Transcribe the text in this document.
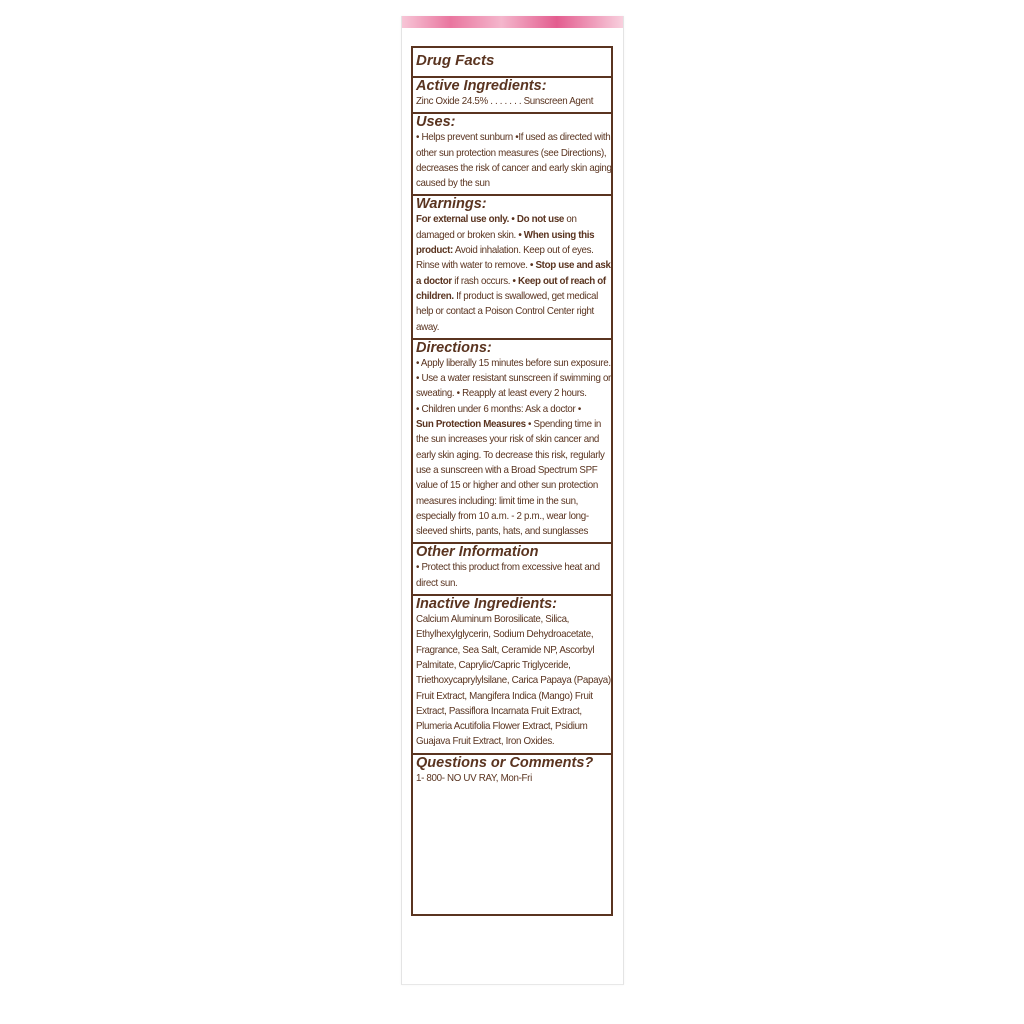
Drug Facts
Active Ingredients:
Zinc Oxide 24.5% . . . . . . . Sunscreen Agent
Uses:
• Helps prevent sunburn •If used as directed with other sun protection measures (see Directions), decreases the risk of cancer and early skin aging caused by the sun
Warnings:
For external use only. • Do not use on damaged or broken skin. • When using this product: Avoid inhalation. Keep out of eyes. Rinse with water to remove. • Stop use and ask a doctor if rash occurs. • Keep out of reach of children. If product is swallowed, get medical help or contact a Poison Control Center right away.
Directions:
• Apply liberally 15 minutes before sun exposure.
• Use a water resistant sunscreen if swimming or sweating. • Reapply at least every 2 hours.
• Children under 6 months: Ask a doctor •
Sun Protection Measures • Spending time in the sun increases your risk of skin cancer and early skin aging. To decrease this risk, regularly use a sunscreen with a Broad Spectrum SPF value of 15 or higher and other sun protection measures including: limit time in the sun, especially from 10 a.m. - 2 p.m., wear long-sleeved shirts, pants, hats, and sunglasses
Other Information
• Protect this product from excessive heat and direct sun.
Inactive Ingredients:
Calcium Aluminum Borosilicate, Silica, Ethylhexylglycerin, Sodium Dehydroacetate, Fragrance, Sea Salt, Ceramide NP, Ascorbyl Palmitate, Caprylic/Capric Triglyceride, Triethoxycaprylylsilane, Carica Papaya (Papaya) Fruit Extract, Mangifera Indica (Mango) Fruit Extract, Passiflora Incarnata Fruit Extract, Plumeria Acutifolia Flower Extract, Psidium Guajava Fruit Extract, Iron Oxides.
Questions or Comments?
1- 800- NO UV RAY, Mon-Fri
